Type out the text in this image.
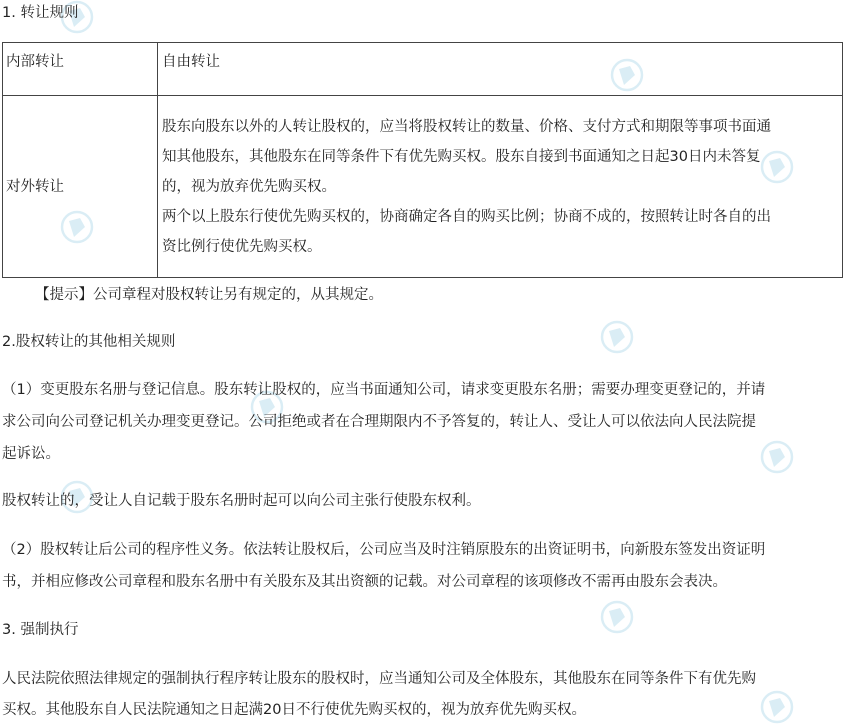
1. 转让规则
内部转让	自由转让

对外转让	股东向股东以外的人转让股权的，应当将股权转让的数量、价格、支付方式和期限等事项书面通
知其他股东，其他股东在同等条件下有优先购买权。股东自接到书面通知之日起30日内未答复
的，视为放弃优先购买权。
两个以上股东行使优先购买权的，协商确定各自的购买比例；协商不成的，按照转让时各自的出
资比例行使优先购买权。
【提示】公司章程对股权转让另有规定的，从其规定。
2.股权转让的其他相关规则
（1）变更股东名册与登记信息。股东转让股权的，应当书面通知公司，请求变更股东名册；需要办理变更登记的，并请
求公司向公司登记机关办理变更登记。公司拒绝或者在合理期限内不予答复的，转让人、受让人可以依法向人民法院提
起诉讼。
股权转让的，受让人自记载于股东名册时起可以向公司主张行使股东权利。
（2）股权转让后公司的程序性义务。依法转让股权后，公司应当及时注销原股东的出资证明书，向新股东签发出资证明
书，并相应修改公司章程和股东名册中有关股东及其出资额的记载。对公司章程的该项修改不需再由股东会表决。
3. 强制执行
人民法院依照法律规定的强制执行程序转让股东的股权时，应当通知公司及全体股东，其他股东在同等条件下有优先购
买权。其他股东自人民法院通知之日起满20日不行使优先购买权的，视为放弃优先购买权。
